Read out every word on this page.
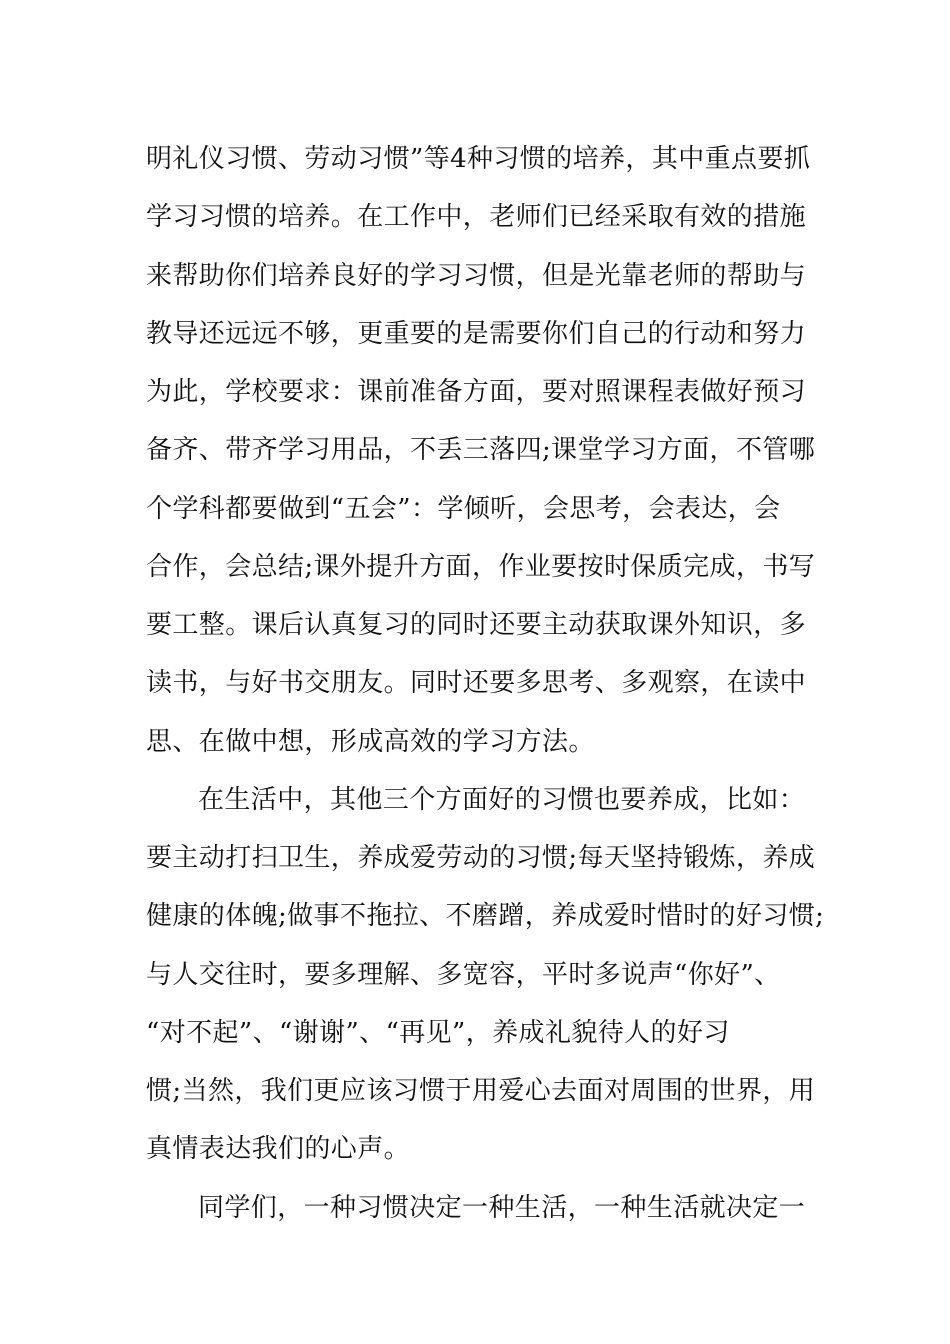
明礼仪习惯、劳动习惯”等4种习惯的培养，其中重点要抓
学习习惯的培养。在工作中，老师们已经采取有效的措施
来帮助你们培养良好的学习习惯，但是光靠老师的帮助与
教导还远远不够，更重要的是需要你们自己的行动和努力
为此，学校要求：课前准备方面，要对照课程表做好预习
备齐、带齐学习用品，不丢三落四;课堂学习方面，不管哪
个学科都要做到“五会”：学倾听，会思考，会表达，会
合作，会总结;课外提升方面，作业要按时保质完成，书写
要工整。课后认真复习的同时还要主动获取课外知识，多
读书，与好书交朋友。同时还要多思考、多观察，在读中
思、在做中想，形成高效的学习方法。
在生活中，其他三个方面好的习惯也要养成，比如：
要主动打扫卫生，养成爱劳动的习惯;每天坚持锻炼，养成
健康的体魄;做事不拖拉、不磨蹭，养成爱时惜时的好习惯;
与人交往时，要多理解、多宽容，平时多说声“你好”、
“对不起”、“谢谢”、“再见”，养成礼貌待人的好习
惯;当然，我们更应该习惯于用爱心去面对周围的世界，用
真情表达我们的心声。
同学们，一种习惯决定一种生活，一种生活就决定一
